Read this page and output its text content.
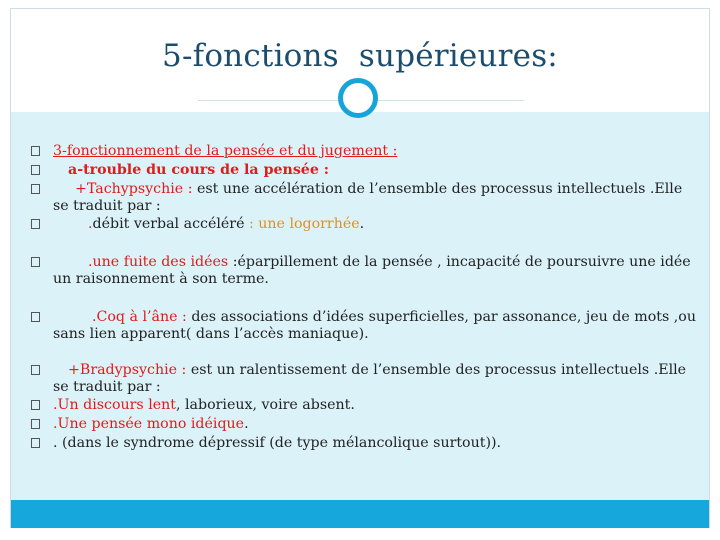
5-fonctions  supérieures:
3-fonctionnement de la pensée et du jugement :
a-trouble du cours de la pensée :
+Tachypsychie : est une accélération de l’ensemble des processus intellectuels .Elle se traduit par :
.débit verbal accéléré : une logorrhée.
.une fuite des idées :éparpillement de la pensée , incapacité de poursuivre une idée un raisonnement à son terme.
.Coq à l’âne : des associations d’idées superficielles, par assonance, jeu de mots ,ou sans lien apparent( dans l’accès maniaque).
+Bradypsychie : est un ralentissement de l’ensemble des processus intellectuels .Elle se traduit par :
.Un discours lent, laborieux, voire absent.
.Une pensée mono idéique.
. (dans le syndrome dépressif (de type mélancolique surtout)).
